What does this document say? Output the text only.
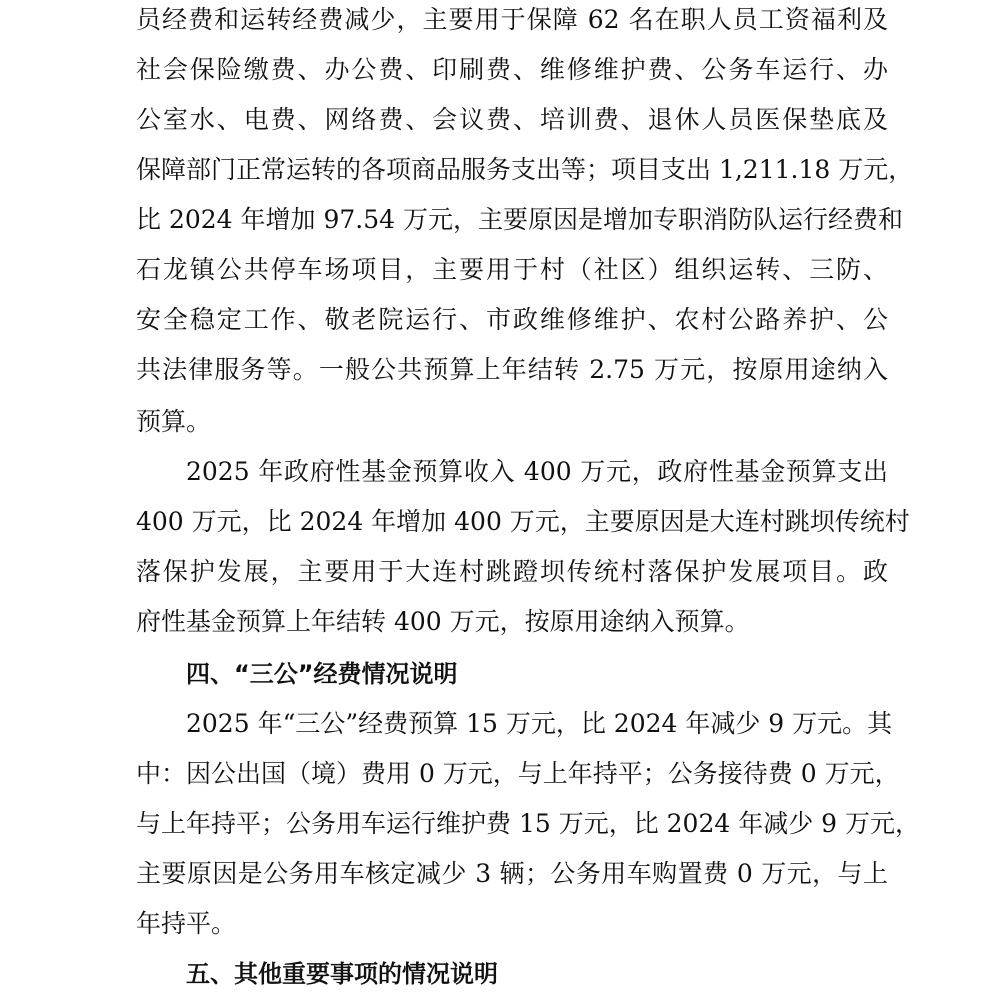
员经费和运转经费减少，主要用于保障 62 名在职人员工资福利及
社会保险缴费、办公费、印刷费、维修维护费、公务车运行、办
公室水、电费、网络费、会议费、培训费、退休人员医保垫底及
保障部门正常运转的各项商品服务支出等；项目支出 1,211.18 万元，
比 2024 年增加 97.54 万元，主要原因是增加专职消防队运行经费和
石龙镇公共停车场项目，主要用于村（社区）组织运转、三防、
安全稳定工作、敬老院运行、市政维修维护、农村公路养护、公
共法律服务等。一般公共预算上年结转 2.75 万元，按原用途纳入
预算。
2025 年政府性基金预算收入 400 万元，政府性基金预算支出
400 万元，比 2024 年增加 400 万元，主要原因是大连村跳坝传统村
落保护发展，主要用于大连村跳蹬坝传统村落保护发展项目。政
府性基金预算上年结转 400 万元，按原用途纳入预算。
四、“三公”经费情况说明
2025 年“三公”经费预算 15 万元，比 2024 年减少 9 万元。其
中：因公出国（境）费用 0 万元，与上年持平；公务接待费 0 万元，
与上年持平；公务用车运行维护费 15 万元，比 2024 年减少 9 万元，
主要原因是公务用车核定减少 3 辆；公务用车购置费 0 万元，与上
年持平。
五、其他重要事项的情况说明
